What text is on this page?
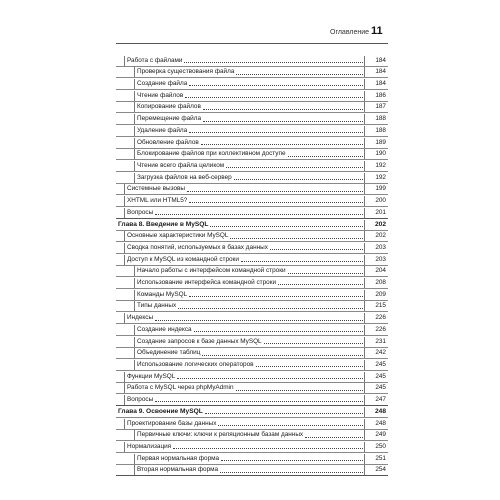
Оглавление 11
Работа с файлами	184
Проверка существования файла	184
Создание файла	184
Чтение файлов	186
Копирование файлов	187
Перемещение файла	188
Удаление файла	188
Обновление файлов	189
Блокирование файлов при коллективном доступе	190
Чтение всего файла целиком	192
Загрузка файлов на веб-сервер	192
Системные вызовы	199
XHTML или HTML5?	200
Вопросы	201
Глава 8. Введение в MySQL	202
Основные характеристики MySQL	202
Сводка понятий, используемых в базах данных	203
Доступ к MySQL из командной строки	203
Начало работы с интерфейсом командной строки	204
Использование интерфейса командной строки	208
Команды MySQL	209
Типы данных	215
Индексы	226
Создание индекса	226
Создание запросов к базе данных MySQL	231
Объединение таблиц	242
Использование логических операторов	245
Функции MySQL	245
Работа с MySQL через phpMyAdmin	245
Вопросы	247
Глава 9. Освоение MySQL	248
Проектирование базы данных	248
Первичные ключи: ключи к реляционным базам данных	249
Нормализация	250
Первая нормальная форма	251
Вторая нормальная форма	254
